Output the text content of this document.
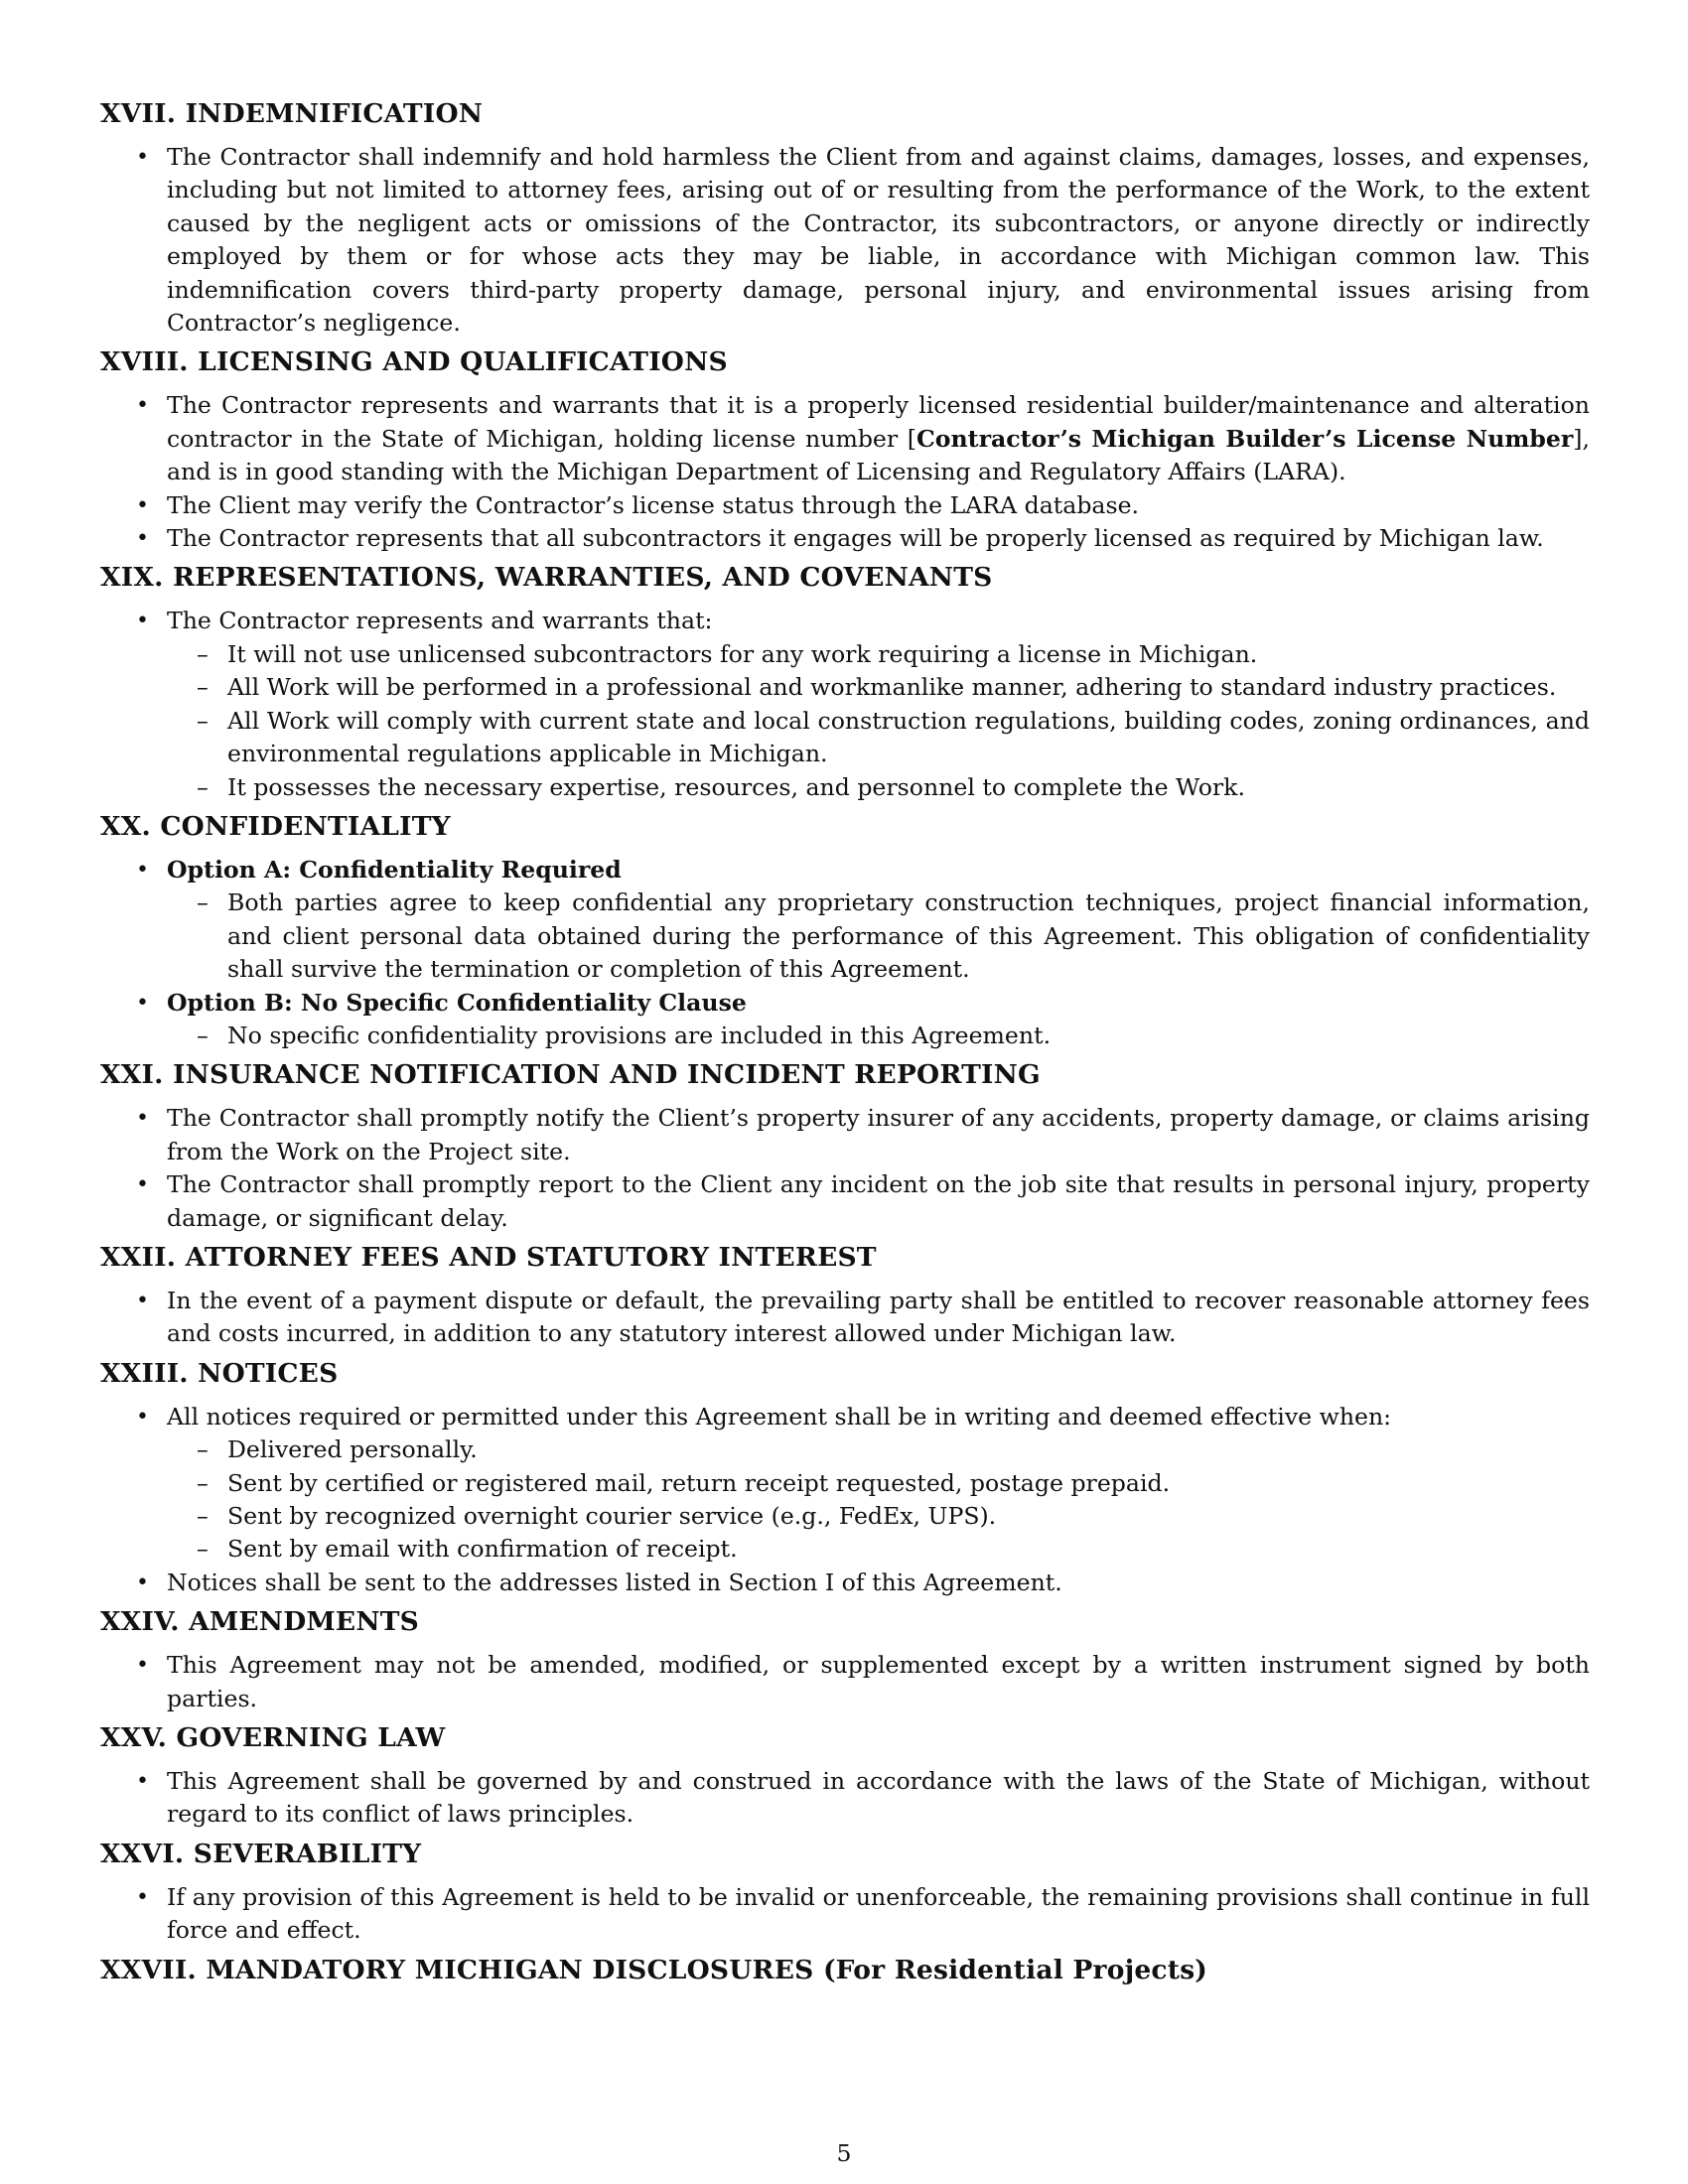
XVII. INDEMNIFICATION
• The Contractor shall indemnify and hold harmless the Client from and against claims, damages, losses, and expenses, including but not limited to attorney fees, arising out of or resulting from the performance of the Work, to the extent caused by the negligent acts or omissions of the Contractor, its subcontractors, or anyone directly or indirectly employed by them or for whose acts they may be liable, in accordance with Michigan common law. This indemnification covers third-party property damage, personal injury, and environmental issues arising from Contractor’s negligence.
XVIII. LICENSING AND QUALIFICATIONS
• The Contractor represents and warrants that it is a properly licensed residential builder/maintenance and alteration contractor in the State of Michigan, holding license number [Contractor’s Michigan Builder’s License Number], and is in good standing with the Michigan Department of Licensing and Regulatory Affairs (LARA).
• The Client may verify the Contractor’s license status through the LARA database.
• The Contractor represents that all subcontractors it engages will be properly licensed as required by Michigan law.
XIX. REPRESENTATIONS, WARRANTIES, AND COVENANTS
• The Contractor represents and warrants that:
– It will not use unlicensed subcontractors for any work requiring a license in Michigan.
– All Work will be performed in a professional and workmanlike manner, adhering to standard industry practices.
– All Work will comply with current state and local construction regulations, building codes, zoning ordinances, and environmental regulations applicable in Michigan.
– It possesses the necessary expertise, resources, and personnel to complete the Work.
XX. CONFIDENTIALITY
• Option A: Confidentiality Required
– Both parties agree to keep confidential any proprietary construction techniques, project financial information, and client personal data obtained during the performance of this Agreement. This obligation of confidentiality shall survive the termination or completion of this Agreement.
• Option B: No Specific Confidentiality Clause
– No specific confidentiality provisions are included in this Agreement.
XXI. INSURANCE NOTIFICATION AND INCIDENT REPORTING
• The Contractor shall promptly notify the Client’s property insurer of any accidents, property damage, or claims arising from the Work on the Project site.
• The Contractor shall promptly report to the Client any incident on the job site that results in personal injury, property damage, or significant delay.
XXII. ATTORNEY FEES AND STATUTORY INTEREST
• In the event of a payment dispute or default, the prevailing party shall be entitled to recover reasonable attorney fees and costs incurred, in addition to any statutory interest allowed under Michigan law.
XXIII. NOTICES
• All notices required or permitted under this Agreement shall be in writing and deemed effective when:
– Delivered personally.
– Sent by certified or registered mail, return receipt requested, postage prepaid.
– Sent by recognized overnight courier service (e.g., FedEx, UPS).
– Sent by email with confirmation of receipt.
• Notices shall be sent to the addresses listed in Section I of this Agreement.
XXIV. AMENDMENTS
• This Agreement may not be amended, modified, or supplemented except by a written instrument signed by both parties.
XXV. GOVERNING LAW
• This Agreement shall be governed by and construed in accordance with the laws of the State of Michigan, without regard to its conflict of laws principles.
XXVI. SEVERABILITY
• If any provision of this Agreement is held to be invalid or unenforceable, the remaining provisions shall continue in full force and effect.
XXVII. MANDATORY MICHIGAN DISCLOSURES (For Residential Projects)
5
